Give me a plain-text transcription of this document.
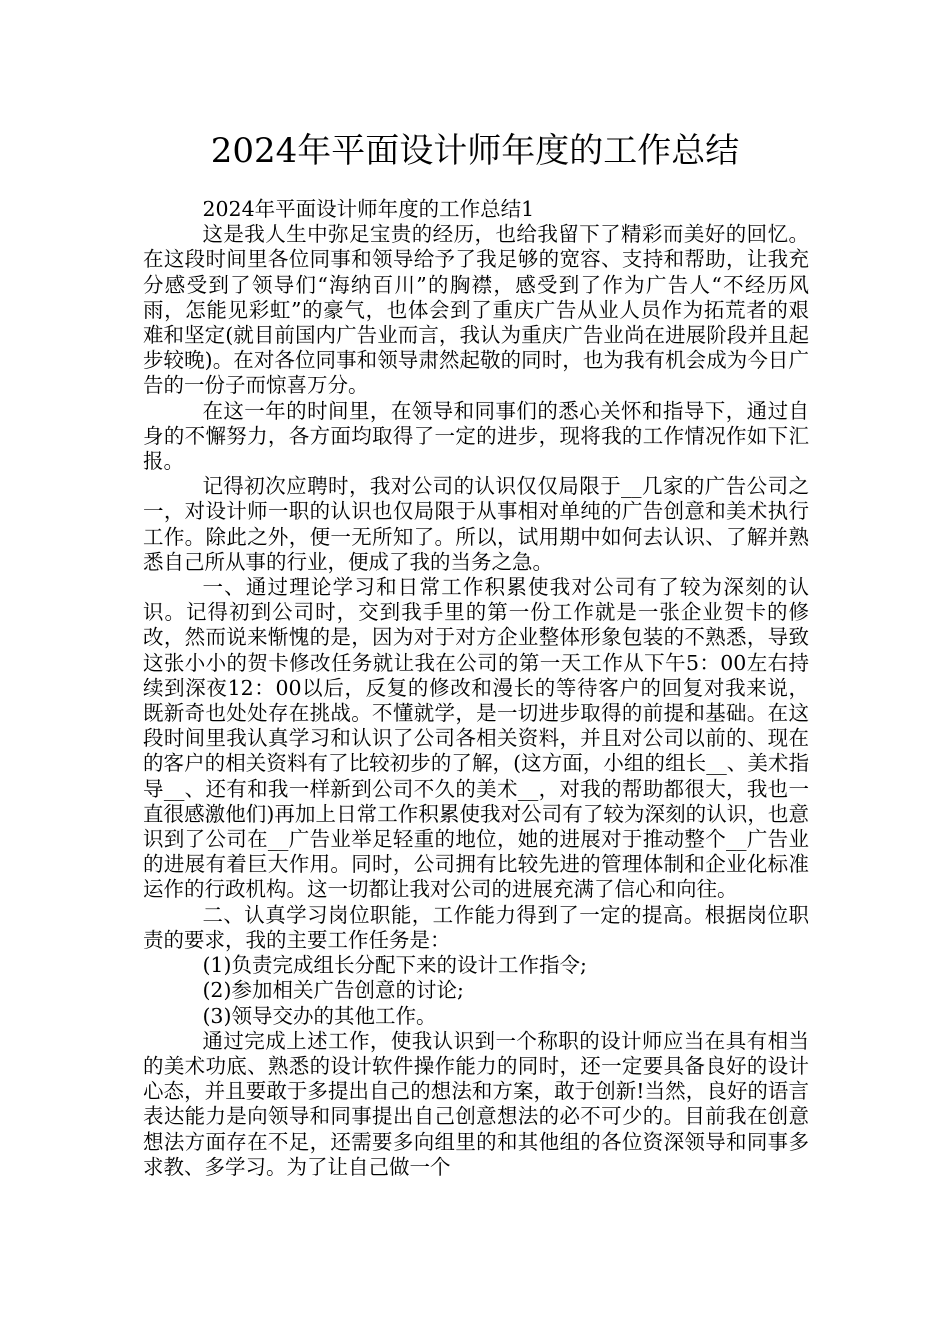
2024年平面设计师年度的工作总结

2024年平面设计师年度的工作总结1

这是我人生中弥足宝贵的经历，也给我留下了精彩而美好的回忆。在这段时间里各位同事和领导给予了我足够的宽容、支持和帮助，让我充分感受到了领导们“海纳百川”的胸襟，感受到了作为广告人“不经历风雨，怎能见彩虹”的豪气，也体会到了重庆广告从业人员作为拓荒者的艰难和坚定(就目前国内广告业而言，我认为重庆广告业尚在进展阶段并且起步较晚)。在对各位同事和领导肃然起敬的同时，也为我有机会成为今日广告的一份子而惊喜万分。

在这一年的时间里，在领导和同事们的悉心关怀和指导下，通过自身的不懈努力，各方面均取得了一定的进步，现将我的工作情况作如下汇报。

记得初次应聘时，我对公司的认识仅仅局限于__几家的广告公司之一，对设计师一职的认识也仅局限于从事相对单纯的广告创意和美术执行工作。除此之外，便一无所知了。所以，试用期中如何去认识、了解并熟悉自己所从事的行业，便成了我的当务之急。

一、通过理论学习和日常工作积累使我对公司有了较为深刻的认识。记得初到公司时，交到我手里的第一份工作就是一张企业贺卡的修改，然而说来惭愧的是，因为对于对方企业整体形象包装的不熟悉，导致这张小小的贺卡修改任务就让我在公司的第一天工作从下午5：00左右持续到深夜12：00以后，反复的修改和漫长的等待客户的回复对我来说，既新奇也处处存在挑战。不懂就学，是一切进步取得的前提和基础。在这段时间里我认真学习和认识了公司各相关资料，并且对公司以前的、现在的客户的相关资料有了比较初步的了解，(这方面，小组的组长__、美术指导__、还有和我一样新到公司不久的美术__，对我的帮助都很大，我也一直很感激他们)再加上日常工作积累使我对公司有了较为深刻的认识，也意识到了公司在__广告业举足轻重的地位，她的进展对于推动整个__广告业的进展有着巨大作用。同时，公司拥有比较先进的管理体制和企业化标准运作的行政机构。这一切都让我对公司的进展充满了信心和向往。

二、认真学习岗位职能，工作能力得到了一定的提高。根据岗位职责的要求，我的主要工作任务是：

(1)负责完成组长分配下来的设计工作指令;

(2)参加相关广告创意的讨论;

(3)领导交办的其他工作。

通过完成上述工作，使我认识到一个称职的设计师应当在具有相当的美术功底、熟悉的设计软件操作能力的同时，还一定要具备良好的设计心态，并且要敢于多提出自己的想法和方案，敢于创新!当然，良好的语言表达能力是向领导和同事提出自己创意想法的必不可少的。目前我在创意想法方面存在不足，还需要多向组里的和其他组的各位资深领导和同事多求教、多学习。为了让自己做一个
